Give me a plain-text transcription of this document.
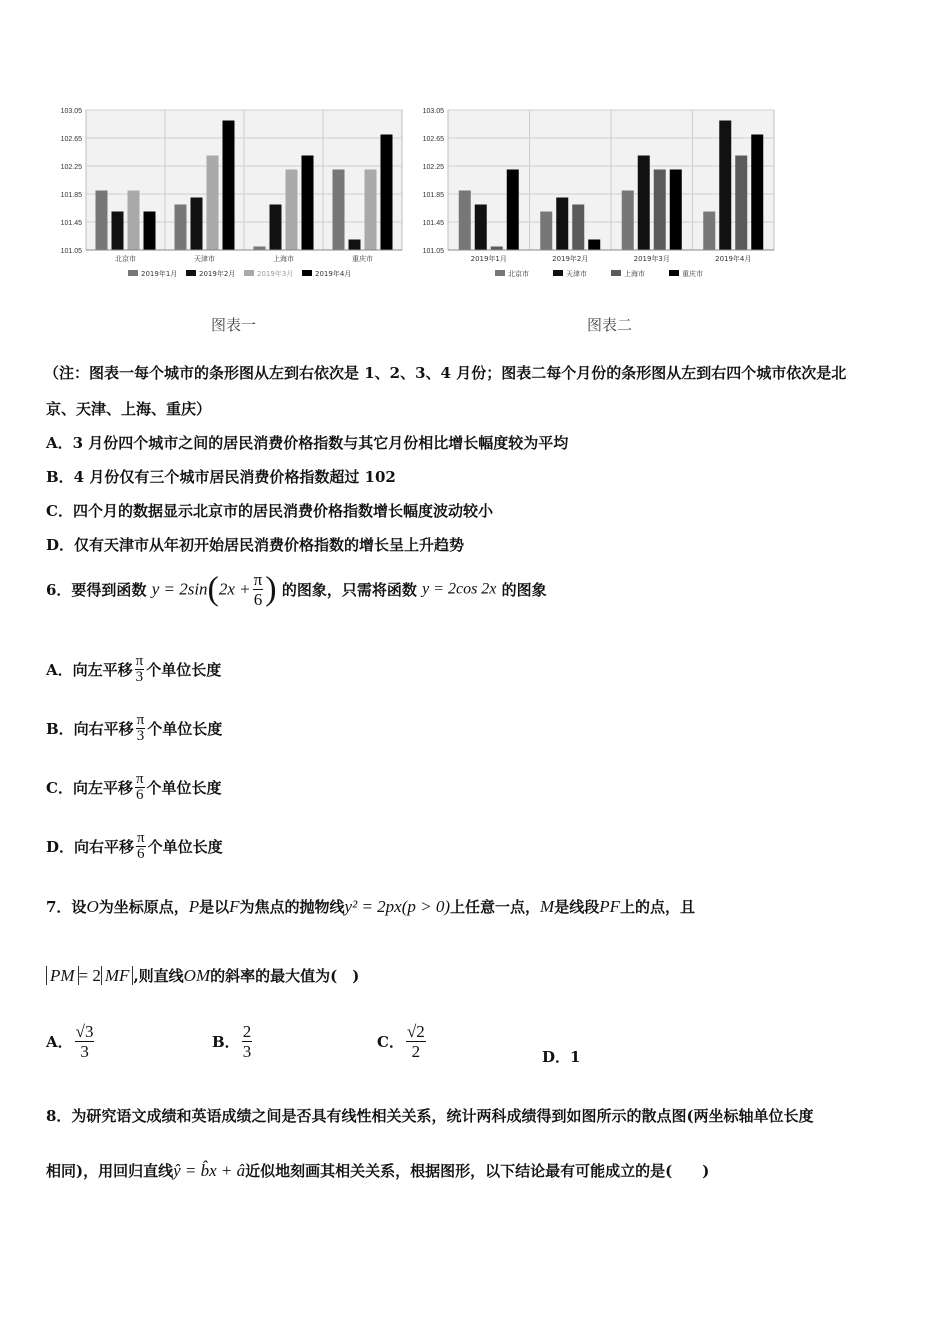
103.05
102.65
102.25
101.85
101.45
101.05
北京市	天津市	上海市	重庆市
2019年1月	2019年2月	2019年3月	2019年4月
103.05
102.65
102.25
101.85
101.45
101.05
2019年1月	2019年2月	2019年3月	2019年4月
北京市	天津市	上海市	重庆市
图表一	图表二
（注：图表一每个城市的条形图从左到右依次是 1、2、3、4 月份；图表二每个月份的条形图从左到右四个城市依次是北
京、天津、上海、重庆）
A．3 月份四个城市之间的居民消费价格指数与其它月份相比增长幅度较为平均
B．4 月份仅有三个城市居民消费价格指数超过 102
C．四个月的数据显示北京市的居民消费价格指数增长幅度波动较小
D．仅有天津市从年初开始居民消费价格指数的增长呈上升趋势
6．要得到函数 $y = 2\sin(2x + \frac{\pi}{6}$ ) 的图象，只需将函数 y = 2cos 2x 的图象
A．向左平移 $\frac{\pi}{3}$ 个单位长度
B．向右平移 $\frac{\pi}{3}$ 个单位长度
C．向左平移 $\frac{\pi}{6}$ 个单位长度
D．向右平移 $\frac{\pi}{6}$ 个单位长度
7．设O为坐标原点，P是以F为焦点的抛物线y² = 2px(p > 0)上任意一点，M是线段PF上的点，且
PM = 2 MF ,则直线OM的斜率的最大值为(　)
A． $\frac{√3}{3}$	B． $\frac{2}{3}$	C． $\frac{√2}{2}$	D．1
8．为研究语文成绩和英语成绩之间是否具有线性相关关系，统计两科成绩得到如图所示的散点图(两坐标轴单位长度
相同)，用回归直线ŷ = b̂x + â近似地刻画其相关关系，根据图形，以下结论最有可能成立的是(　　)
